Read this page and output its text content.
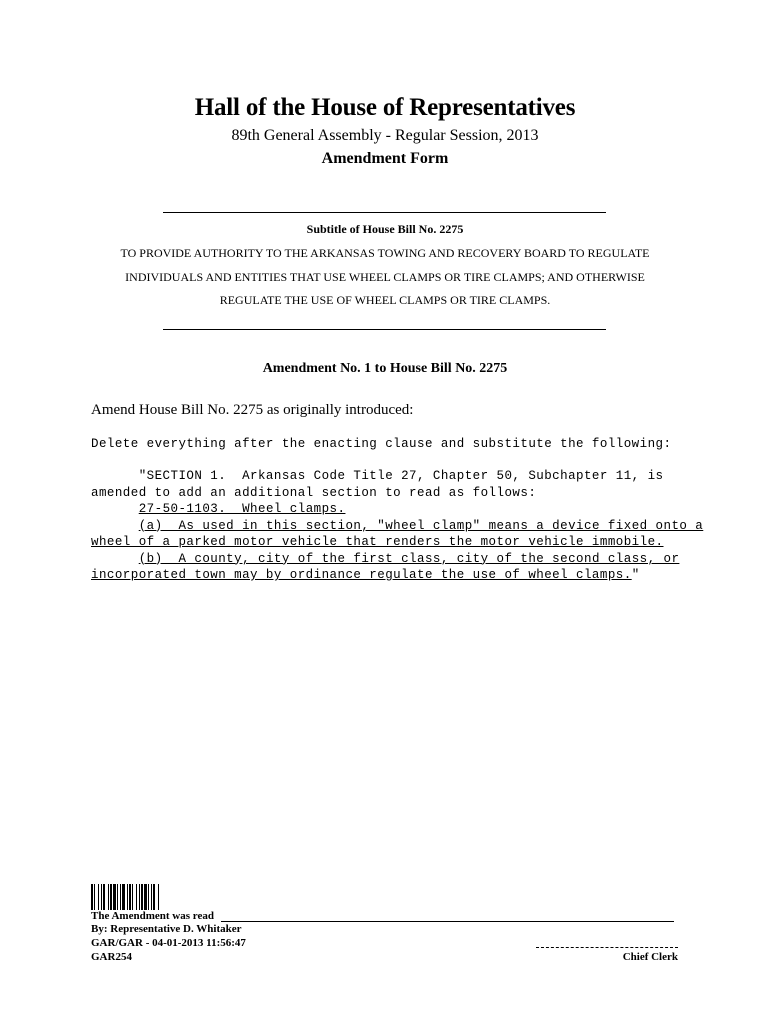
Hall of the House of Representatives
89th General Assembly - Regular Session, 2013
Amendment Form
Subtitle of House Bill No. 2275
TO PROVIDE AUTHORITY TO THE ARKANSAS TOWING AND RECOVERY BOARD TO REGULATE
INDIVIDUALS AND ENTITIES THAT USE WHEEL CLAMPS OR TIRE CLAMPS; AND OTHERWISE
REGULATE THE USE OF WHEEL CLAMPS OR TIRE CLAMPS.
Amendment No. 1 to House Bill No. 2275
Amend House Bill No. 2275 as originally introduced:
Delete everything after the enacting clause and substitute the following:
"SECTION 1.  Arkansas Code Title 27, Chapter 50, Subchapter 11, is
amended to add an additional section to read as follows:
27-50-1103.  Wheel clamps.
(a)  As used in this section, "wheel clamp" means a device fixed onto a
wheel of a parked motor vehicle that renders the motor vehicle immobile.
(b)  A county, city of the first class, city of the second class, or
incorporated town may by ordinance regulate the use of wheel clamps."
The Amendment was read
By: Representative D. Whitaker
GAR/GAR - 04-01-2013 11:56:47
GAR254	Chief Clerk
